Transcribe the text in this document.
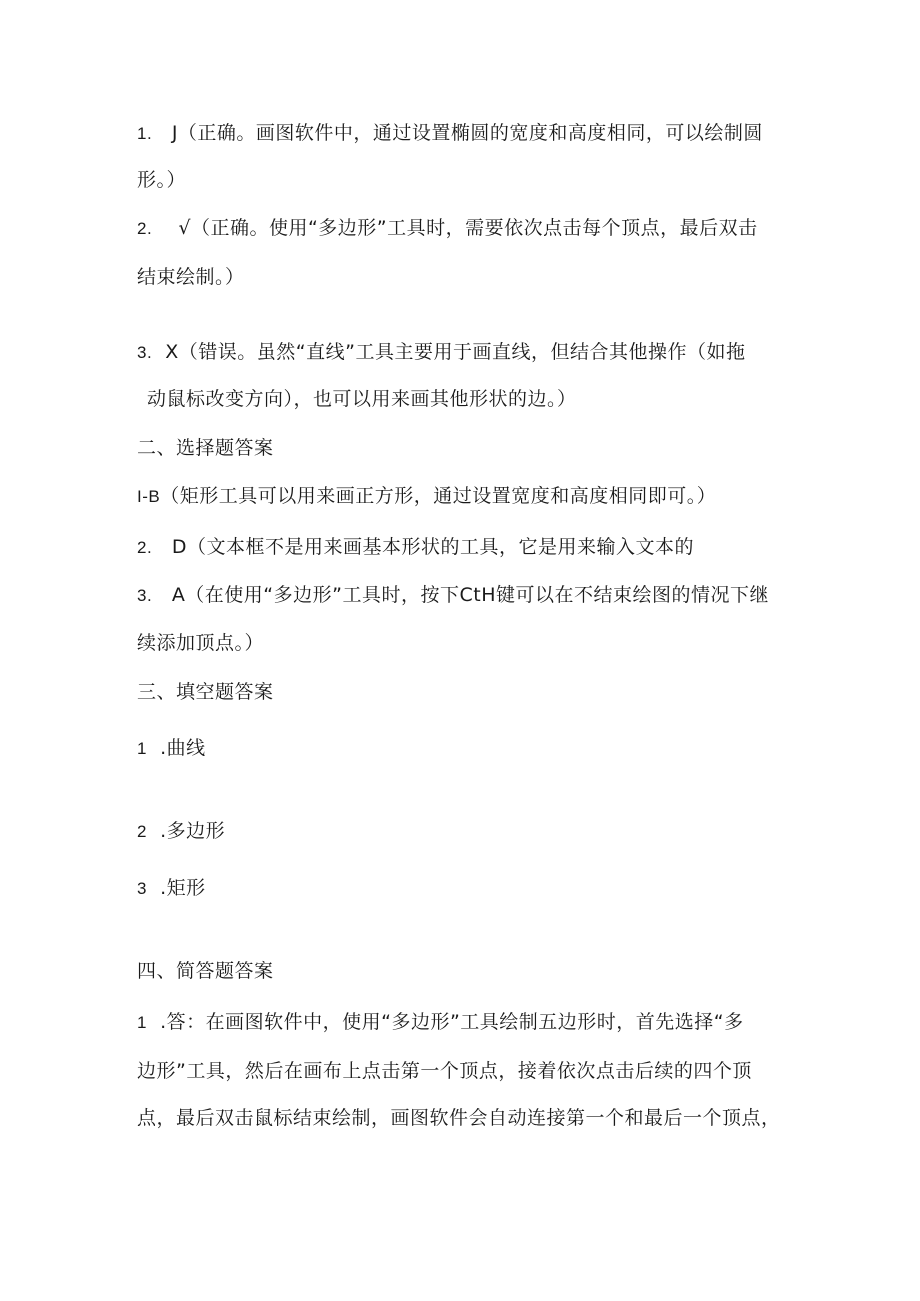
1. J（正确。画图软件中，通过设置椭圆的宽度和高度相同，可以绘制圆
形。）
2. √（正确。使用“多边形”工具时，需要依次点击每个顶点，最后双击
结束绘制。）
3. X（错误。虽然“直线”工具主要用于画直线，但结合其他操作（如拖
动鼠标改变方向），也可以用来画其他形状的边。）
二、选择题答案
I-B（矩形工具可以用来画正方形，通过设置宽度和高度相同即可。）
2. D（文本框不是用来画基本形状的工具，它是用来输入文本的
3. A（在使用“多边形”工具时，按下CtH键可以在不结束绘图的情况下继
续添加顶点。）
三、填空题答案
1 .曲线
2 .多边形
3 .矩形
四、简答题答案
1 .答：在画图软件中，使用“多边形”工具绘制五边形时，首先选择“多
边形”工具，然后在画布上点击第一个顶点，接着依次点击后续的四个顶
点，最后双击鼠标结束绘制，画图软件会自动连接第一个和最后一个顶点，
